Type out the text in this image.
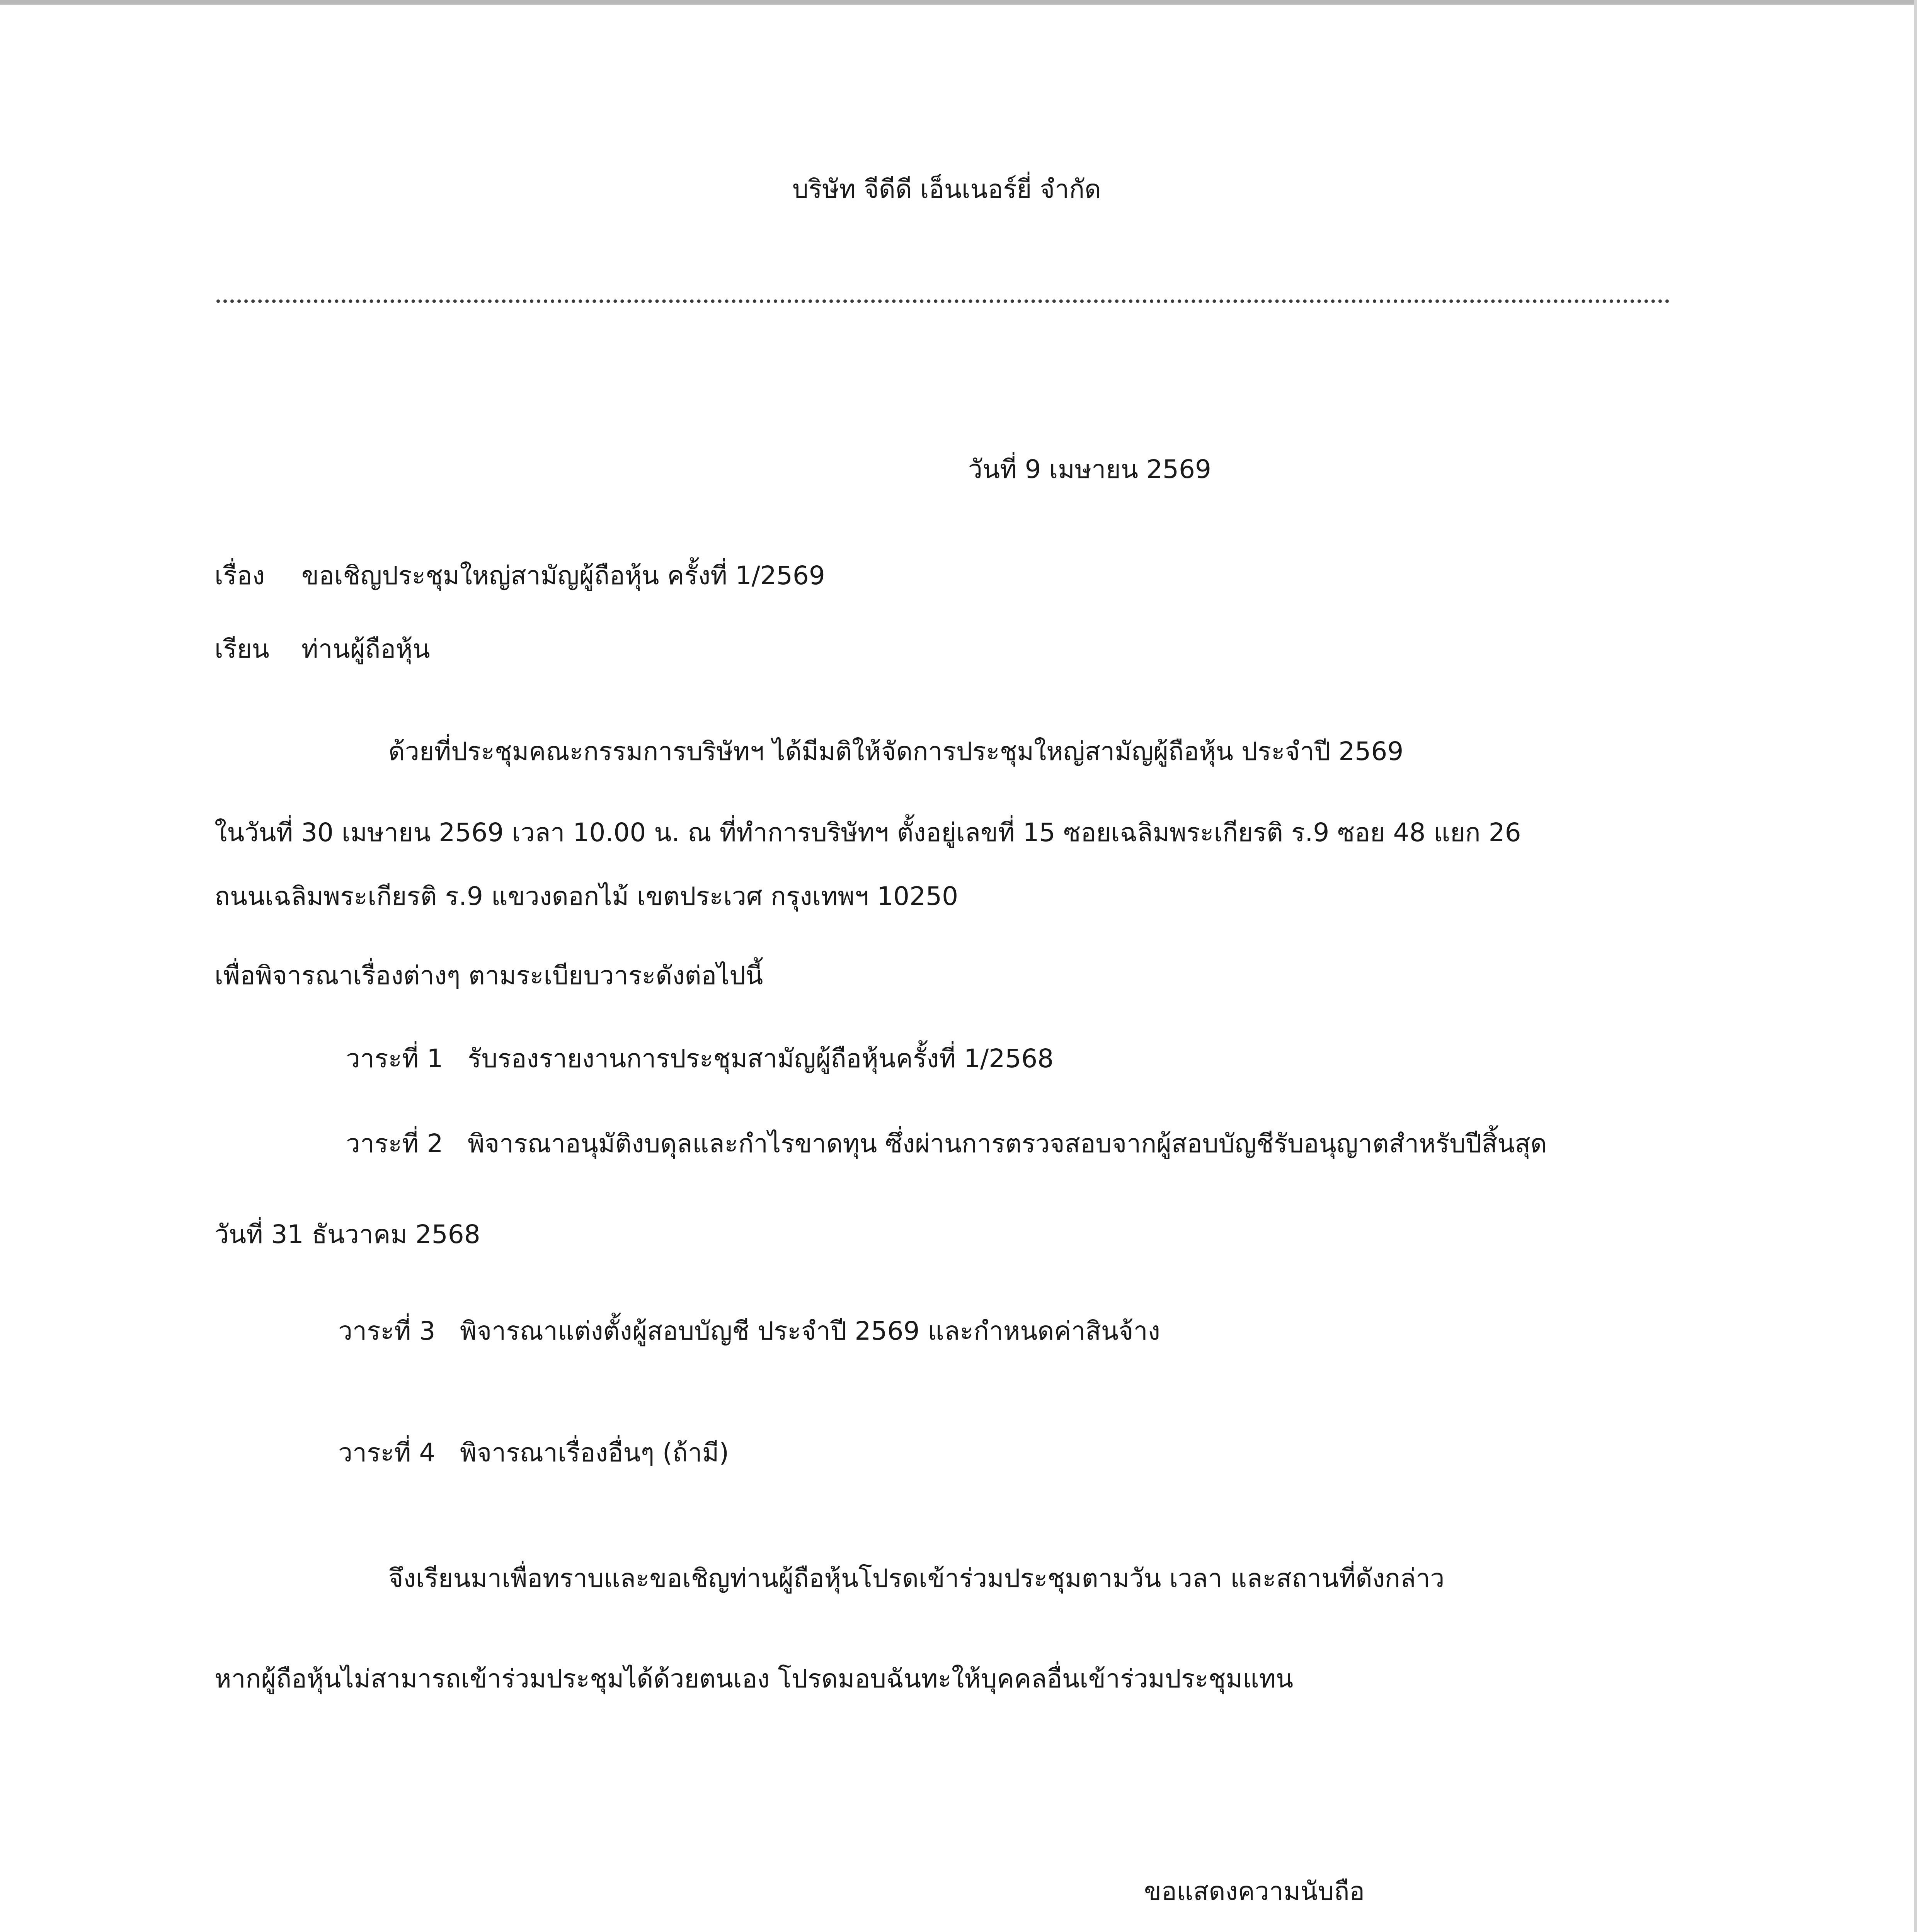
บริษัท จีดีดี เอ็นเนอร์ยี่ จำกัด
วันที่ 9 เมษายน 2569
เรื่อง ขอเชิญประชุมใหญ่สามัญผู้ถือหุ้น ครั้งที่ 1/2569
เรียน ท่านผู้ถือหุ้น
ด้วยที่ประชุมคณะกรรมการบริษัทฯ ได้มีมติให้จัดการประชุมใหญ่สามัญผู้ถือหุ้น ประจำปี 2569
ในวันที่ 30 เมษายน 2569 เวลา 10.00 น. ณ ที่ทำการบริษัทฯ ตั้งอยู่เลขที่ 15 ซอยเฉลิมพระเกียรติ ร.9 ซอย 48 แยก 26
ถนนเฉลิมพระเกียรติ ร.9 แขวงดอกไม้ เขตประเวศ กรุงเทพฯ 10250
เพื่อพิจารณาเรื่องต่างๆ ตามระเบียบวาระดังต่อไปนี้
วาระที่ 1 รับรองรายงานการประชุมสามัญผู้ถือหุ้นครั้งที่ 1/2568
วาระที่ 2 พิจารณาอนุมัติงบดุลและกำไรขาดทุน ซึ่งผ่านการตรวจสอบจากผู้สอบบัญชีรับอนุญาตสำหรับปีสิ้นสุด
วันที่ 31 ธันวาคม 2568
วาระที่ 3 พิจารณาแต่งตั้งผู้สอบบัญชี ประจำปี 2569 และกำหนดค่าสินจ้าง
วาระที่ 4 พิจารณาเรื่องอื่นๆ (ถ้ามี)
จึงเรียนมาเพื่อทราบและขอเชิญท่านผู้ถือหุ้นโปรดเข้าร่วมประชุมตามวัน เวลา และสถานที่ดังกล่าว
หากผู้ถือหุ้นไม่สามารถเข้าร่วมประชุมได้ด้วยตนเอง โปรดมอบฉันทะให้บุคคลอื่นเข้าร่วมประชุมแทน
ขอแสดงความนับถือ
